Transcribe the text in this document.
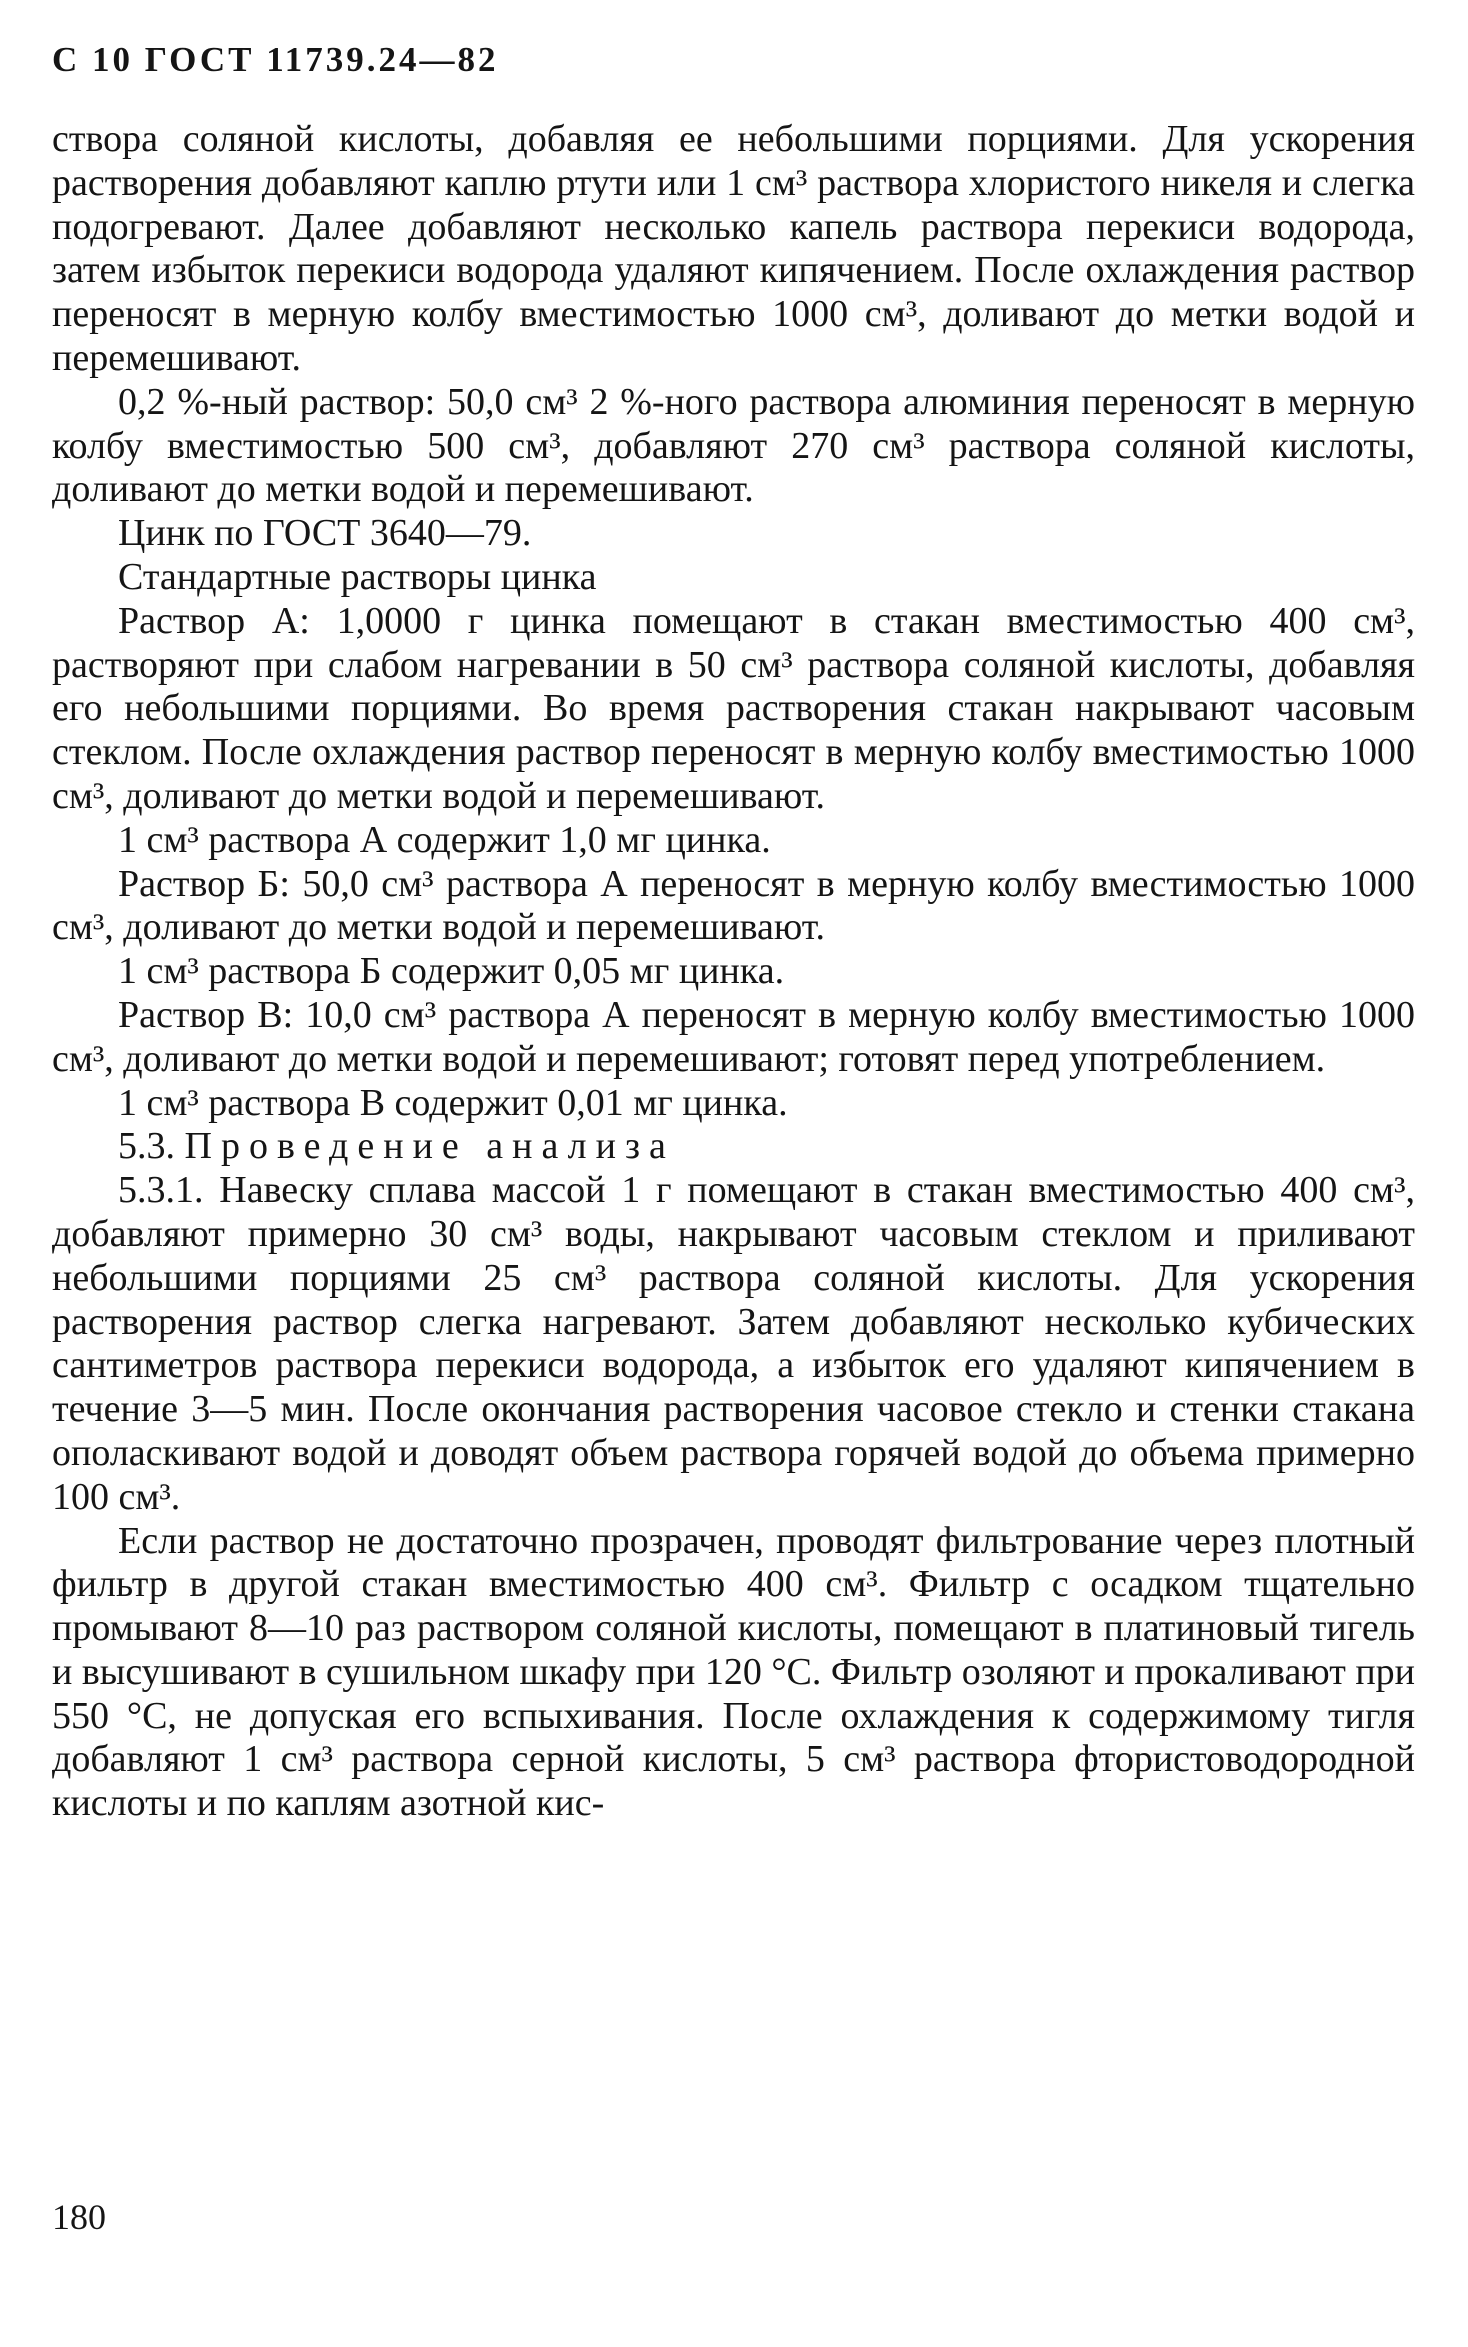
С 10 ГОСТ 11739.24—82

створа соляной кислоты, добавляя ее небольшими порциями. Для ускорения растворения добавляют каплю ртути или 1 см³ раствора хлористого никеля и слегка подогревают. Далее добавляют несколько капель раствора перекиси водорода, затем избыток перекиси водорода удаляют кипячением. После охлаждения раствор переносят в мерную колбу вместимостью 1000 см³, доливают до метки водой и перемешивают.

0,2 %-ный раствор: 50,0 см³ 2 %-ного раствора алюминия переносят в мерную колбу вместимостью 500 см³, добавляют 270 см³ раствора соляной кислоты, доливают до метки водой и перемешивают.

Цинк по ГОСТ 3640—79.

Стандартные растворы цинка

Раствор А: 1,0000 г цинка помещают в стакан вместимостью 400 см³, растворяют при слабом нагревании в 50 см³ раствора соляной кислоты, добавляя его небольшими порциями. Во время растворения стакан накрывают часовым стеклом. После охлаждения раствор переносят в мерную колбу вместимостью 1000 см³, доливают до метки водой и перемешивают.

1 см³ раствора А содержит 1,0 мг цинка.

Раствор Б: 50,0 см³ раствора А переносят в мерную колбу вместимостью 1000 см³, доливают до метки водой и перемешивают.

1 см³ раствора Б содержит 0,05 мг цинка.

Раствор В: 10,0 см³ раствора А переносят в мерную колбу вместимостью 1000 см³, доливают до метки водой и перемешивают; готовят перед употреблением.

1 см³ раствора В содержит 0,01 мг цинка.

5.3. Проведение анализа

5.3.1. Навеску сплава массой 1 г помещают в стакан вместимостью 400 см³, добавляют примерно 30 см³ воды, накрывают часовым стеклом и приливают небольшими порциями 25 см³ раствора соляной кислоты. Для ускорения растворения раствор слегка нагревают. Затем добавляют несколько кубических сантиметров раствора перекиси водорода, а избыток его удаляют кипячением в течение 3—5 мин. После окончания растворения часовое стекло и стенки стакана ополаскивают водой и доводят объем раствора горячей водой до объема примерно 100 см³.

Если раствор не достаточно прозрачен, проводят фильтрование через плотный фильтр в другой стакан вместимостью 400 см³. Фильтр с осадком тщательно промывают 8—10 раз раствором соляной кислоты, помещают в платиновый тигель и высушивают в сушильном шкафу при 120 °С. Фильтр озоляют и прокаливают при 550 °С, не допуская его вспыхивания. После охлаждения к содержимому тигля добавляют 1 см³ раствора серной кислоты, 5 см³ раствора фтористоводородной кислоты и по каплям азотной кис-

180
